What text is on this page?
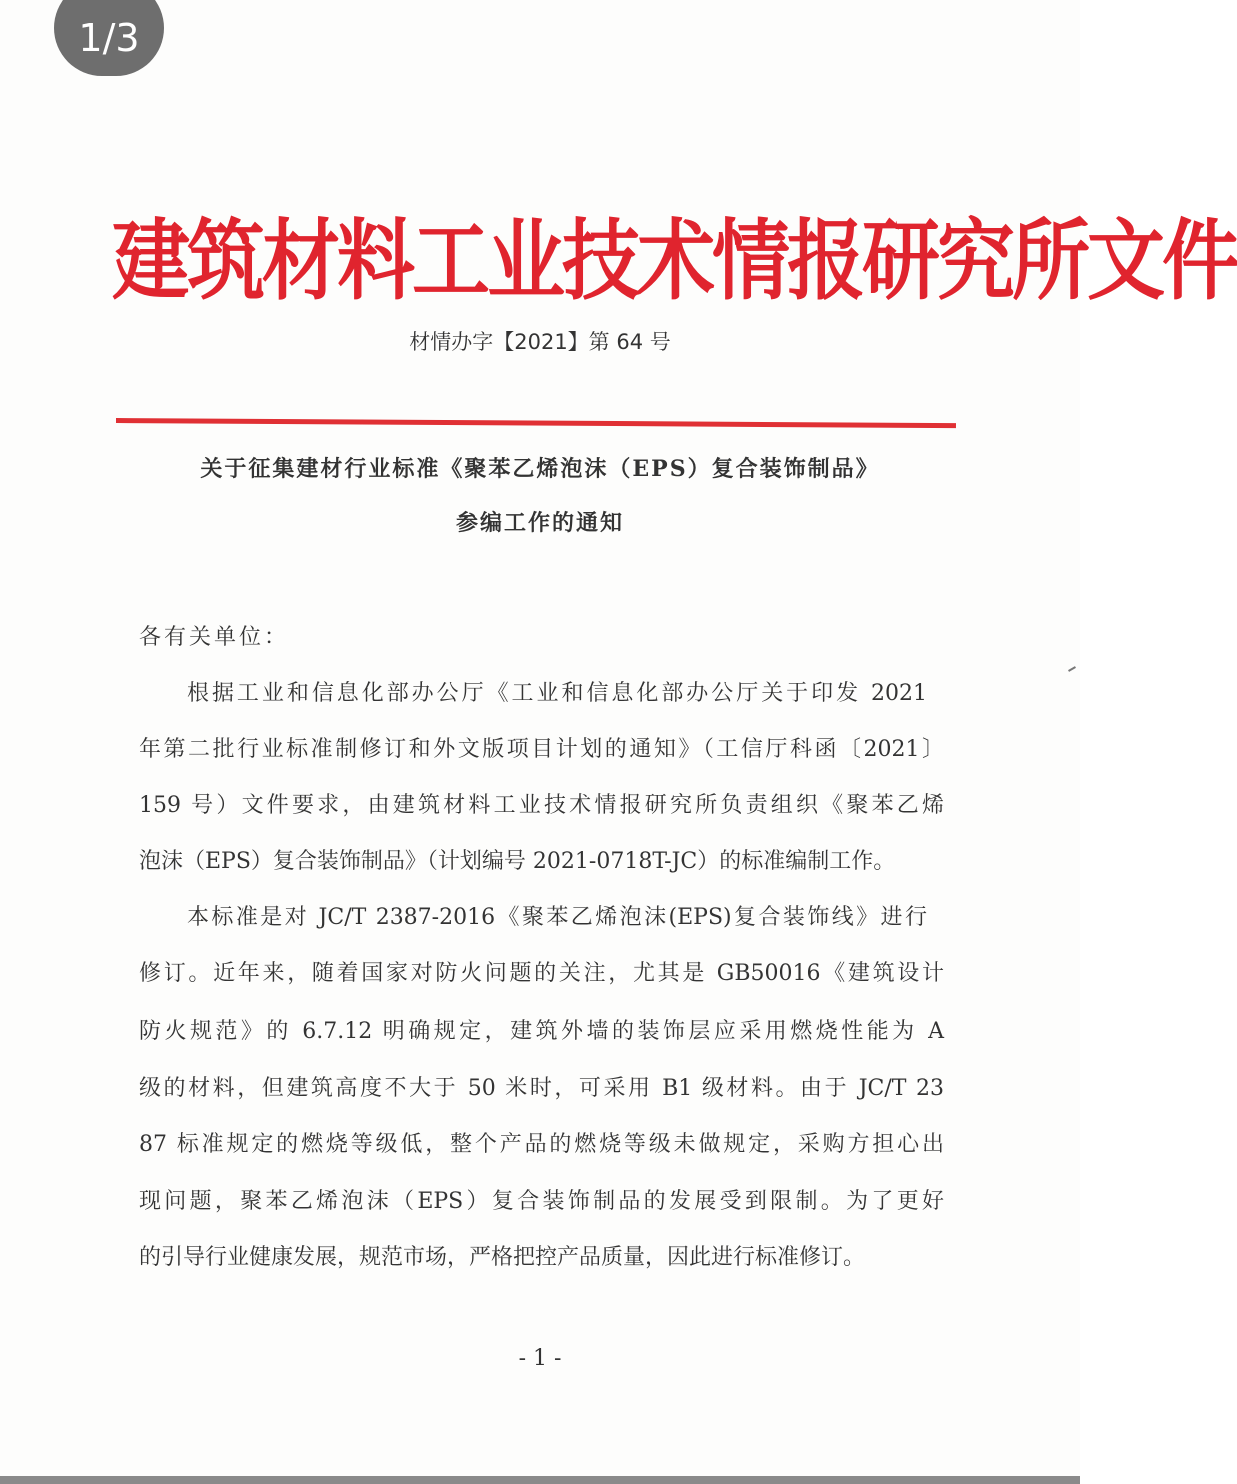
1/3
建筑材料工业技术情报研究所文件
材情办字【2021】第 64 号
关于征集建材行业标准《聚苯乙烯泡沫（EPS）复合装饰制品》
参编工作的通知
各有关单位：
根据工业和信息化部办公厅《工业和信息化部办公厅关于印发 2021
年第二批行业标准制修订和外文版项目计划的通知》（工信厅科函〔2021〕
159 号）文件要求，由建筑材料工业技术情报研究所负责组织《聚苯乙烯
泡沫（EPS）复合装饰制品》（计划编号 2021-0718T-JC）的标准编制工作。
本标准是对 JC/T 2387-2016《聚苯乙烯泡沫(EPS)复合装饰线》进行
修订。近年来，随着国家对防火问题的关注，尤其是 GB50016《建筑设计
防火规范》的 6.7.12 明确规定，建筑外墙的装饰层应采用燃烧性能为 A
级的材料，但建筑高度不大于 50 米时，可采用 B1 级材料。由于 JC/T 23
87 标准规定的燃烧等级低，整个产品的燃烧等级未做规定，采购方担心出
现问题，聚苯乙烯泡沫（EPS）复合装饰制品的发展受到限制。为了更好
的引导行业健康发展，规范市场，严格把控产品质量，因此进行标准修订。
- 1 -
